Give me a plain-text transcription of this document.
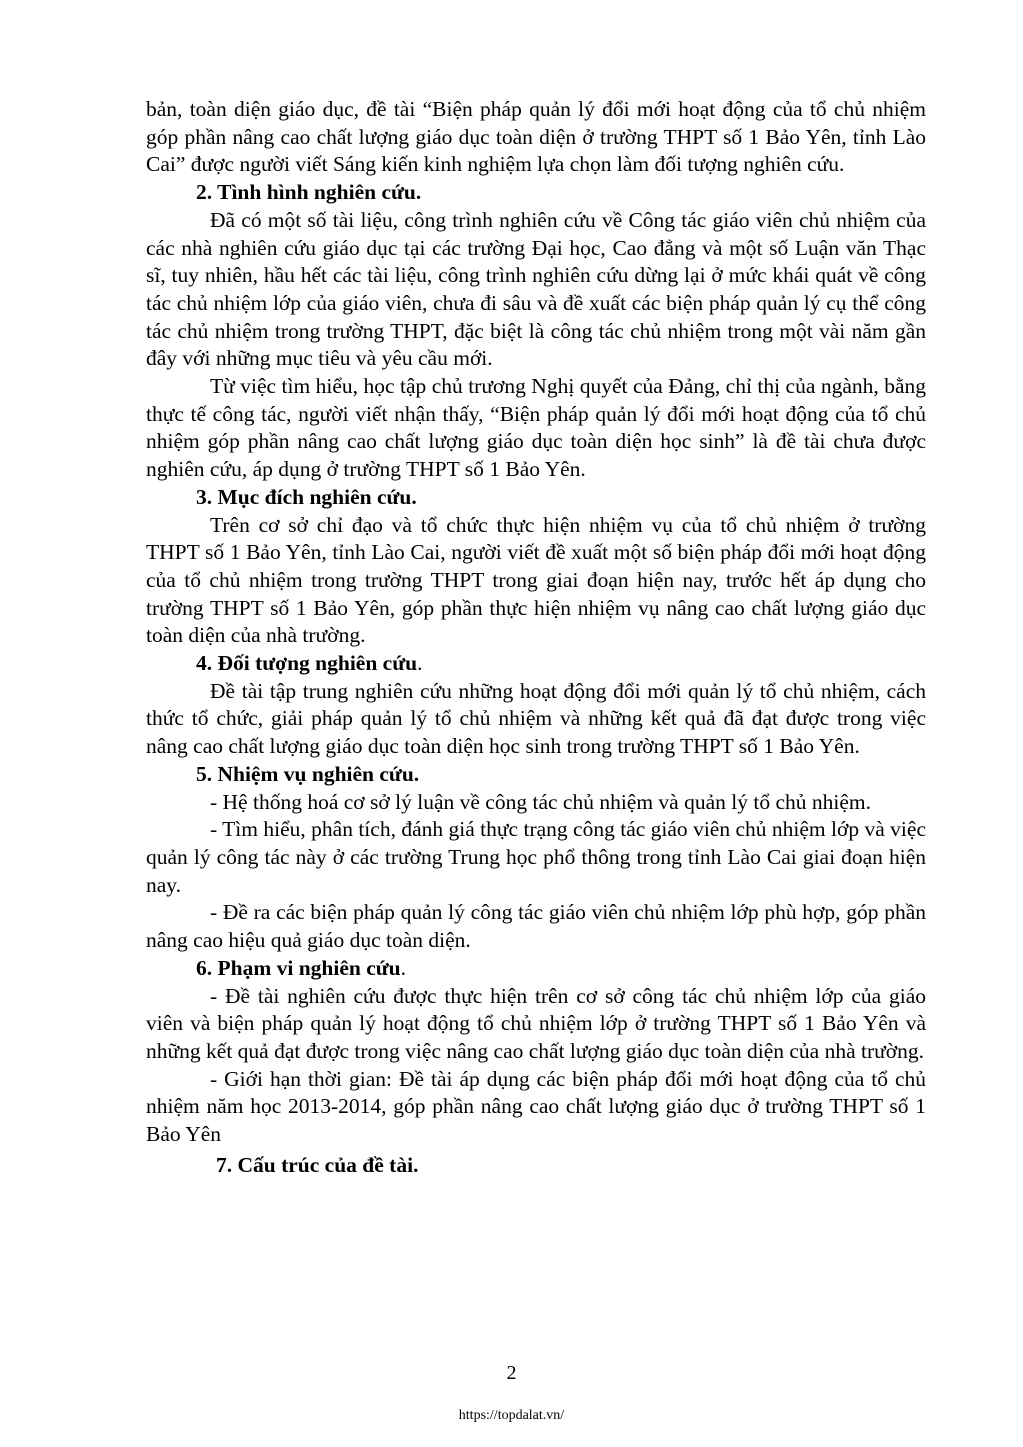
bản, toàn diện giáo dục, đề tài “Biện pháp quản lý đổi mới hoạt động của tổ chủ nhiệm góp phần nâng cao chất lượng giáo dục toàn diện ở trường THPT số 1 Bảo Yên, tỉnh Lào Cai” được người viết Sáng kiến kinh nghiệm lựa chọn làm đối tượng nghiên cứu.

2. Tình hình nghiên cứu.

Đã có một số tài liệu, công trình nghiên cứu về Công tác giáo viên chủ nhiệm của các nhà nghiên cứu giáo dục tại các trường Đại học, Cao đẳng và một số Luận văn Thạc sĩ, tuy nhiên, hầu hết các tài liệu, công trình nghiên cứu dừng lại ở mức khái quát về công tác chủ nhiệm lớp của giáo viên, chưa đi sâu và đề xuất các biện pháp quản lý cụ thể công tác chủ nhiệm trong trường THPT, đặc biệt là công tác chủ nhiệm trong một vài năm gần đây với những mục tiêu và yêu cầu mới.

Từ việc tìm hiểu, học tập chủ trương Nghị quyết của Đảng, chỉ thị của ngành, bằng thực tế công tác, người viết nhận thấy, “Biện pháp quản lý đổi mới hoạt động của tổ chủ nhiệm góp phần nâng cao chất lượng giáo dục toàn diện học sinh” là đề tài chưa được nghiên cứu, áp dụng ở trường THPT số 1 Bảo Yên.

3. Mục đích nghiên cứu.

Trên cơ sở chỉ đạo và tổ chức thực hiện nhiệm vụ của tổ chủ nhiệm ở trường THPT số 1 Bảo Yên, tỉnh Lào Cai, người viết đề xuất một số biện pháp đổi mới hoạt động của tổ chủ nhiệm trong trường THPT trong giai đoạn hiện nay, trước hết áp dụng cho trường THPT số 1 Bảo Yên, góp phần thực hiện nhiệm vụ nâng cao chất lượng giáo dục toàn diện của nhà trường.

4. Đối tượng nghiên cứu.

Đề tài tập trung nghiên cứu những hoạt động đổi mới quản lý tổ chủ nhiệm, cách thức tổ chức, giải pháp quản lý tổ chủ nhiệm và những kết quả đã đạt được trong việc nâng cao chất lượng giáo dục toàn diện học sinh trong trường THPT số 1 Bảo Yên.

5. Nhiệm vụ nghiên cứu.

- Hệ thống hoá cơ sở lý luận về công tác chủ nhiệm và quản lý tổ chủ nhiệm.

- Tìm hiểu, phân tích, đánh giá thực trạng công tác giáo viên chủ nhiệm lớp và việc quản lý công tác này ở các trường Trung học phổ thông trong tỉnh Lào Cai giai đoạn hiện nay.

- Đề ra các biện pháp quản lý công tác giáo viên chủ nhiệm lớp phù hợp, góp phần nâng cao hiệu quả giáo dục toàn diện.

6. Phạm vi nghiên cứu.

- Đề tài nghiên cứu được thực hiện trên cơ sở công tác chủ nhiệm lớp của giáo viên và biện pháp quản lý hoạt động tổ chủ nhiệm lớp ở trường THPT số 1 Bảo Yên và những kết quả đạt được trong việc nâng cao chất lượng giáo dục toàn diện của nhà trường.

- Giới hạn thời gian: Đề tài áp dụng các biện pháp đổi mới hoạt động của tổ chủ nhiệm năm học 2013-2014, góp phần nâng cao chất lượng giáo dục ở trường THPT số 1 Bảo Yên

7. Cấu trúc của đề tài.

2
https://topdalat.vn/
